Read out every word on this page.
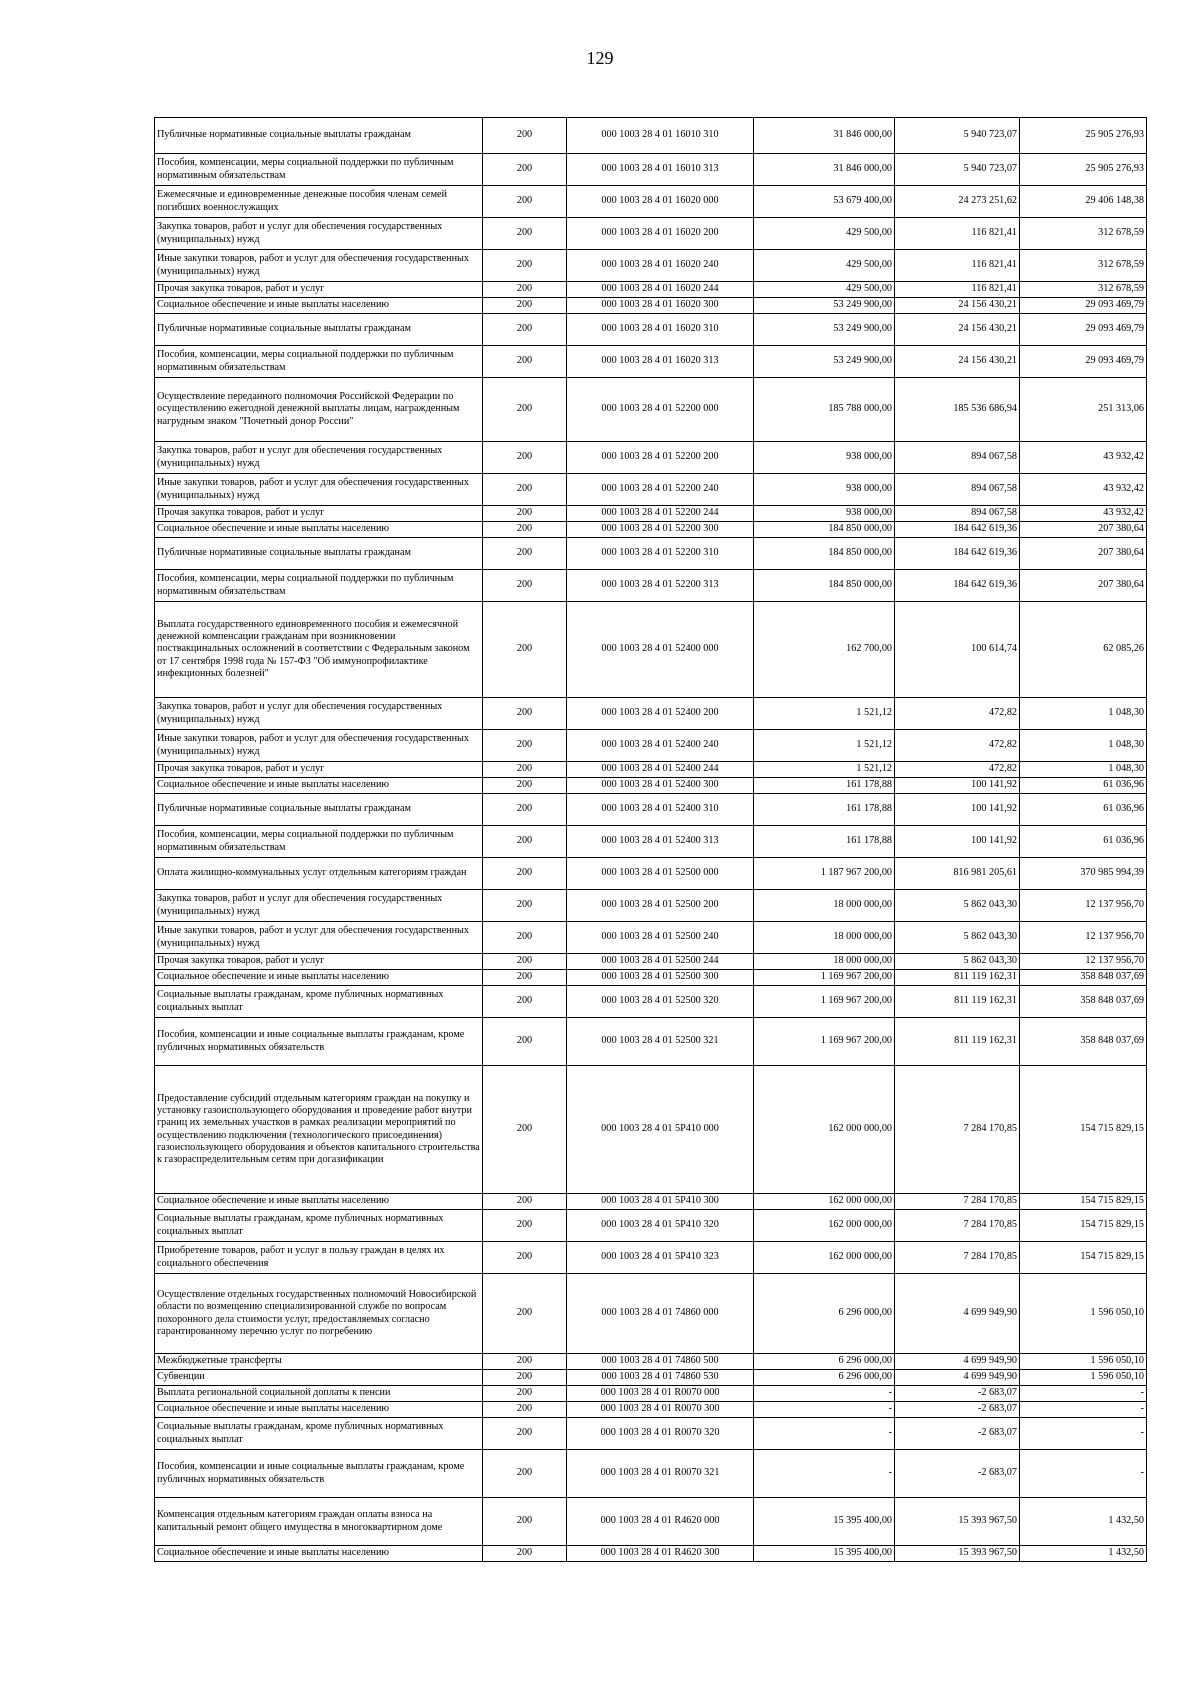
129
Публичные нормативные социальные выплаты гражданам	200	000 1003 28 4 01 16010 310	31 846 000,00	5 940 723,07	25 905 276,93
Пособия, компенсации, меры социальной поддержки по публичным нормативным обязательствам	200	000 1003 28 4 01 16010 313	31 846 000,00	5 940 723,07	25 905 276,93
Ежемесячные и единовременные денежные пособия членам семей погибших военнослужащих	200	000 1003 28 4 01 16020 000	53 679 400,00	24 273 251,62	29 406 148,38
Закупка товаров, работ и услуг для обеспечения государственных (муниципальных) нужд	200	000 1003 28 4 01 16020 200	429 500,00	116 821,41	312 678,59
Иные закупки товаров, работ и услуг для обеспечения государственных (муниципальных) нужд	200	000 1003 28 4 01 16020 240	429 500,00	116 821,41	312 678,59
Прочая закупка товаров, работ и услуг	200	000 1003 28 4 01 16020 244	429 500,00	116 821,41	312 678,59
Социальное обеспечение и иные выплаты населению	200	000 1003 28 4 01 16020 300	53 249 900,00	24 156 430,21	29 093 469,79
Публичные нормативные социальные выплаты гражданам	200	000 1003 28 4 01 16020 310	53 249 900,00	24 156 430,21	29 093 469,79
Пособия, компенсации, меры социальной поддержки по публичным нормативным обязательствам	200	000 1003 28 4 01 16020 313	53 249 900,00	24 156 430,21	29 093 469,79
Осуществление переданного полномочия Российской Федерации по осуществлению ежегодной денежной выплаты лицам, награжденным нагрудным знаком "Почетный донор России"	200	000 1003 28 4 01 52200 000	185 788 000,00	185 536 686,94	251 313,06
Закупка товаров, работ и услуг для обеспечения государственных (муниципальных) нужд	200	000 1003 28 4 01 52200 200	938 000,00	894 067,58	43 932,42
Иные закупки товаров, работ и услуг для обеспечения государственных (муниципальных) нужд	200	000 1003 28 4 01 52200 240	938 000,00	894 067,58	43 932,42
Прочая закупка товаров, работ и услуг	200	000 1003 28 4 01 52200 244	938 000,00	894 067,58	43 932,42
Социальное обеспечение и иные выплаты населению	200	000 1003 28 4 01 52200 300	184 850 000,00	184 642 619,36	207 380,64
Публичные нормативные социальные выплаты гражданам	200	000 1003 28 4 01 52200 310	184 850 000,00	184 642 619,36	207 380,64
Пособия, компенсации, меры социальной поддержки по публичным нормативным обязательствам	200	000 1003 28 4 01 52200 313	184 850 000,00	184 642 619,36	207 380,64
Выплата государственного единовременного пособия и ежемесячной денежной компенсации гражданам при возникновении поствакцинальных осложнений в соответствии с Федеральным законом от 17 сентября 1998 года № 157-ФЗ "Об иммунопрофилактике инфекционных болезней"	200	000 1003 28 4 01 52400 000	162 700,00	100 614,74	62 085,26
Закупка товаров, работ и услуг для обеспечения государственных (муниципальных) нужд	200	000 1003 28 4 01 52400 200	1 521,12	472,82	1 048,30
Иные закупки товаров, работ и услуг для обеспечения государственных (муниципальных) нужд	200	000 1003 28 4 01 52400 240	1 521,12	472,82	1 048,30
Прочая закупка товаров, работ и услуг	200	000 1003 28 4 01 52400 244	1 521,12	472,82	1 048,30
Социальное обеспечение и иные выплаты населению	200	000 1003 28 4 01 52400 300	161 178,88	100 141,92	61 036,96
Публичные нормативные социальные выплаты гражданам	200	000 1003 28 4 01 52400 310	161 178,88	100 141,92	61 036,96
Пособия, компенсации, меры социальной поддержки по публичным нормативным обязательствам	200	000 1003 28 4 01 52400 313	161 178,88	100 141,92	61 036,96
Оплата жилищно-коммунальных услуг отдельным категориям граждан	200	000 1003 28 4 01 52500 000	1 187 967 200,00	816 981 205,61	370 985 994,39
Закупка товаров, работ и услуг для обеспечения государственных (муниципальных) нужд	200	000 1003 28 4 01 52500 200	18 000 000,00	5 862 043,30	12 137 956,70
Иные закупки товаров, работ и услуг для обеспечения государственных (муниципальных) нужд	200	000 1003 28 4 01 52500 240	18 000 000,00	5 862 043,30	12 137 956,70
Прочая закупка товаров, работ и услуг	200	000 1003 28 4 01 52500 244	18 000 000,00	5 862 043,30	12 137 956,70
Социальное обеспечение и иные выплаты населению	200	000 1003 28 4 01 52500 300	1 169 967 200,00	811 119 162,31	358 848 037,69
Социальные выплаты гражданам, кроме публичных нормативных социальных выплат	200	000 1003 28 4 01 52500 320	1 169 967 200,00	811 119 162,31	358 848 037,69
Пособия, компенсации и иные социальные выплаты гражданам, кроме публичных нормативных обязательств	200	000 1003 28 4 01 52500 321	1 169 967 200,00	811 119 162,31	358 848 037,69
Предоставление субсидий отдельным категориям граждан на покупку и установку газоиспользующего оборудования и проведение работ внутри границ их земельных участков в рамках реализации мероприятий по осуществлению подключения (технологического присоединения) газоиспользующего оборудования и объектов капитального строительства к газораспределительным сетям при догазификации	200	000 1003 28 4 01 5Р410 000	162 000 000,00	7 284 170,85	154 715 829,15
Социальное обеспечение и иные выплаты населению	200	000 1003 28 4 01 5Р410 300	162 000 000,00	7 284 170,85	154 715 829,15
Социальные выплаты гражданам, кроме публичных нормативных социальных выплат	200	000 1003 28 4 01 5Р410 320	162 000 000,00	7 284 170,85	154 715 829,15
Приобретение товаров, работ и услуг в пользу граждан в целях их социального обеспечения	200	000 1003 28 4 01 5Р410 323	162 000 000,00	7 284 170,85	154 715 829,15
Осуществление отдельных государственных полномочий Новосибирской области по возмещению специализированной службе по вопросам похоронного дела стоимости услуг, предоставляемых согласно гарантированному перечню услуг по погребению	200	000 1003 28 4 01 74860 000	6 296 000,00	4 699 949,90	1 596 050,10
Межбюджетные трансферты	200	000 1003 28 4 01 74860 500	6 296 000,00	4 699 949,90	1 596 050,10
Субвенции	200	000 1003 28 4 01 74860 530	6 296 000,00	4 699 949,90	1 596 050,10
Выплата региональной социальной доплаты к пенсии	200	000 1003 28 4 01 R0070 000	-	-2 683,07	-
Социальное обеспечение и иные выплаты населению	200	000 1003 28 4 01 R0070 300	-	-2 683,07	-
Социальные выплаты гражданам, кроме публичных нормативных социальных выплат	200	000 1003 28 4 01 R0070 320	-	-2 683,07	-
Пособия, компенсации и иные социальные выплаты гражданам, кроме публичных нормативных обязательств	200	000 1003 28 4 01 R0070 321	-	-2 683,07	-
Компенсация отдельным категориям граждан оплаты взноса на капитальный ремонт общего имущества в многоквартирном доме	200	000 1003 28 4 01 R4620 000	15 395 400,00	15 393 967,50	1 432,50
Социальное обеспечение и иные выплаты населению	200	000 1003 28 4 01 R4620 300	15 395 400,00	15 393 967,50	1 432,50
